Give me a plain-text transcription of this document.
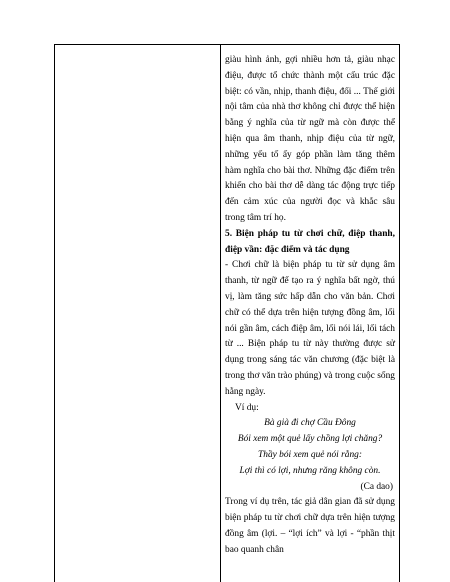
giàu hình ảnh, gợi nhiều hơn tả, giàu nhạc điệu, được tổ chức thành một cấu trúc đặc biệt: có vần, nhịp, thanh điệu, đối ... Thế giới nội tâm của nhà thơ không chỉ được thể hiện bằng ý nghĩa của từ ngữ mà còn được thể hiện qua âm thanh, nhịp điệu của từ ngữ, những yếu tố ấy góp phần làm tăng thêm hàm nghĩa cho bài thơ. Những đặc điểm trên khiến cho bài thơ dễ dàng tác động trực tiếp đến cảm xúc của người đọc và khắc sâu trong tâm trí họ.

5. Biện pháp tu từ chơi chữ, điệp thanh, điệp vần: đặc điểm và tác dụng

- Chơi chữ là biện pháp tu từ sử dụng âm thanh, từ ngữ để tạo ra ý nghĩa bất ngờ, thú vị, làm tăng sức hấp dẫn cho văn bản. Chơi chữ có thể dựa trên hiện tượng đồng âm, lối nói gần âm, cách điệp âm, lối nói lái, lối tách từ ... Biện pháp tu từ này thường được sử dụng trong sáng tác văn chương (đặc biệt là trong thơ văn trào phúng) và trong cuộc sống hằng ngày.

Ví dụ:

Bà già đi chợ Cầu Đông

Bói xem một quẻ lấy chồng lợi chăng?

Thầy bói xem quẻ nói rằng:

Lợi thì có lợi, nhưng răng không còn.

(Ca dao)

Trong ví dụ trên, tác giả dân gian đã sử dụng biện pháp tu từ chơi chữ dựa trên hiện tượng đồng âm (lợi. – “lợi ích” và lợi - “phần thịt bao quanh chân
